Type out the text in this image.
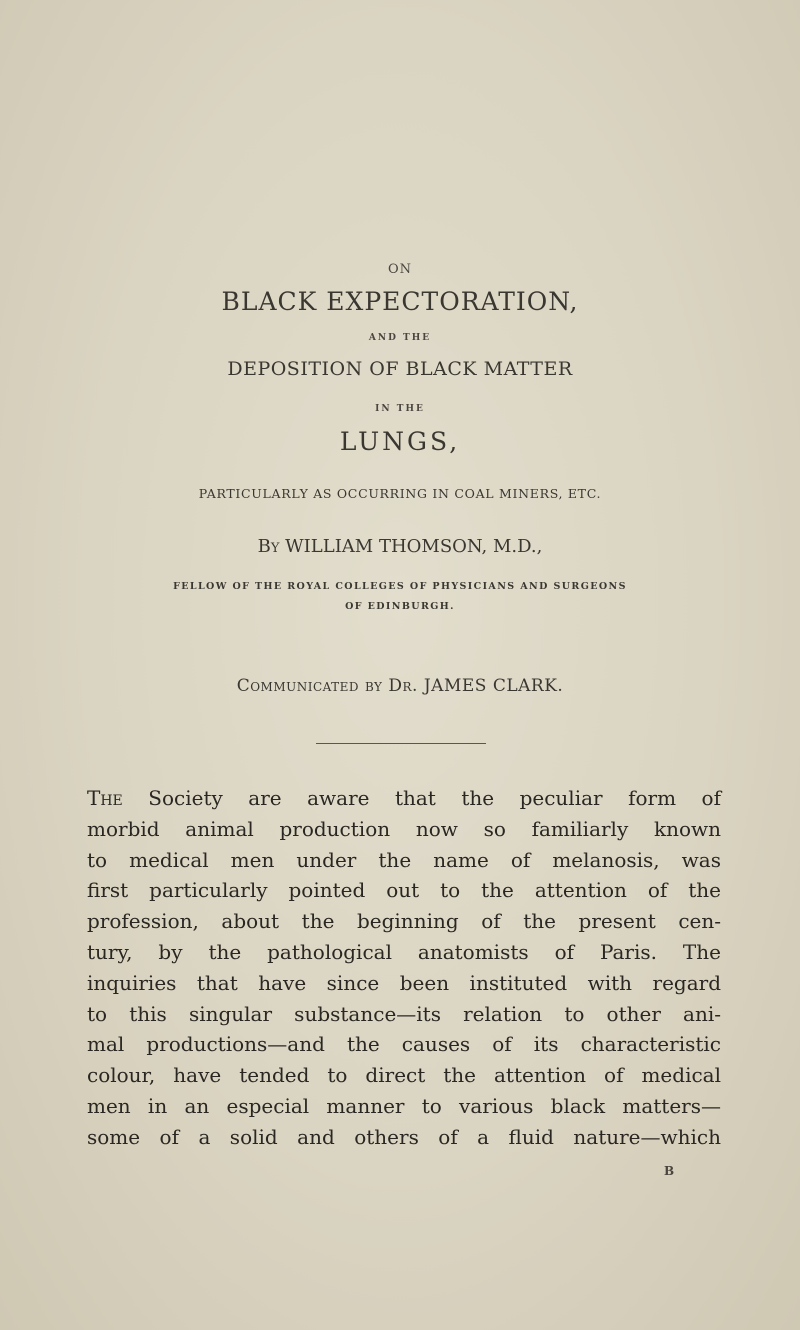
ON
BLACK EXPECTORATION,
AND THE
DEPOSITION OF BLACK MATTER
IN THE
LUNGS,
PARTICULARLY AS OCCURRING IN COAL MINERS, ETC.
By WILLIAM THOMSON, M.D.,
FELLOW OF THE ROYAL COLLEGES OF PHYSICIANS AND SURGEONS
OF EDINBURGH.
Communicated by Dr. JAMES CLARK.
The Society are aware that the peculiar form of
morbid animal production now so familiarly known
to medical men under the name of melanosis, was
first particularly pointed out to the attention of the
profession, about the beginning of the present cen-
tury, by the pathological anatomists of Paris. The
inquiries that have since been instituted with regard
to this singular substance—its relation to other ani-
mal productions—and the causes of its characteristic
colour, have tended to direct the attention of medical
men in an especial manner to various black matters—
some of a solid and others of a fluid nature—which
B
